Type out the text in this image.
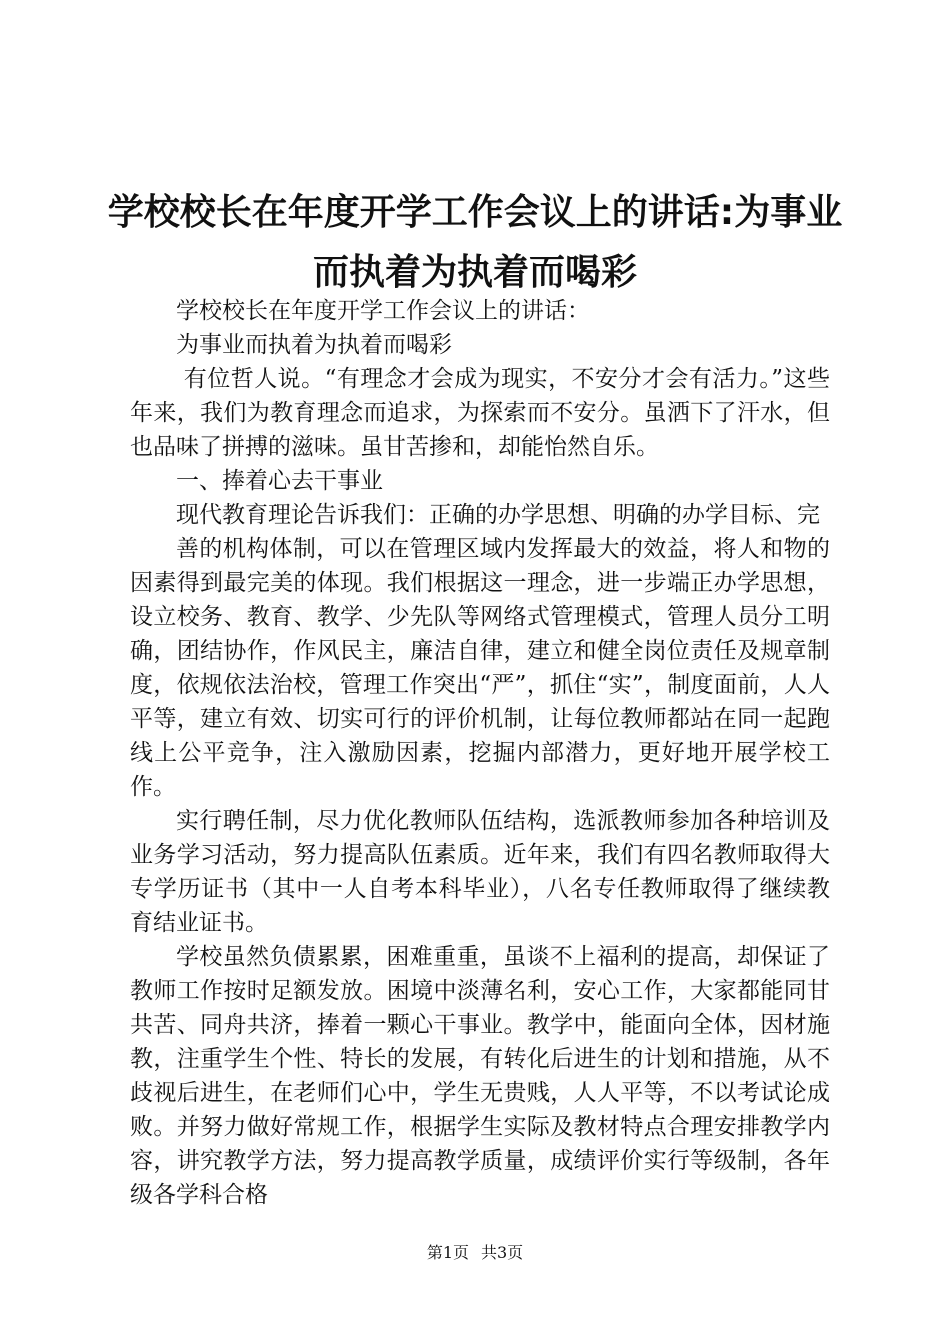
学校校长在年度开学工作会议上的讲话:为事业而执着为执着而喝彩

学校校长在年度开学工作会议上的讲话：

为事业而执着为执着而喝彩

有位哲人说。“有理念才会成为现实，不安分才会有活力。”这些年来，我们为教育理念而追求，为探索而不安分。虽洒下了汗水，但也品味了拼搏的滋味。虽甘苦掺和，却能怡然自乐。

一、捧着心去干事业

现代教育理论告诉我们：正确的办学思想、明确的办学目标、完

善的机构体制，可以在管理区域内发挥最大的效益，将人和物的因素得到最完美的体现。我们根据这一理念，进一步端正办学思想，设立校务、教育、教学、少先队等网络式管理模式，管理人员分工明确，团结协作，作风民主，廉洁自律，建立和健全岗位责任及规章制度，依规依法治校，管理工作突出“严”，抓住“实”，制度面前，人人平等，建立有效、切实可行的评价机制，让每位教师都站在同一起跑线上公平竞争，注入激励因素，挖掘内部潜力，更好地开展学校工作。

实行聘任制，尽力优化教师队伍结构，选派教师参加各种培训及业务学习活动，努力提高队伍素质。近年来，我们有四名教师取得大专学历证书（其中一人自考本科毕业），八名专任教师取得了继续教育结业证书。

学校虽然负债累累，困难重重，虽谈不上福利的提高，却保证了教师工作按时足额发放。困境中淡薄名利，安心工作，大家都能同甘共苦、同舟共济，捧着一颗心干事业。教学中，能面向全体，因材施教，注重学生个性、特长的发展，有转化后进生的计划和措施，从不歧视后进生，在老师们心中，学生无贵贱，人人平等，不以考试论成败。并努力做好常规工作，根据学生实际及教材特点合理安排教学内容，讲究教学方法，努力提高教学质量，成绩评价实行等级制，各年级各学科合格

第1页 共3页
